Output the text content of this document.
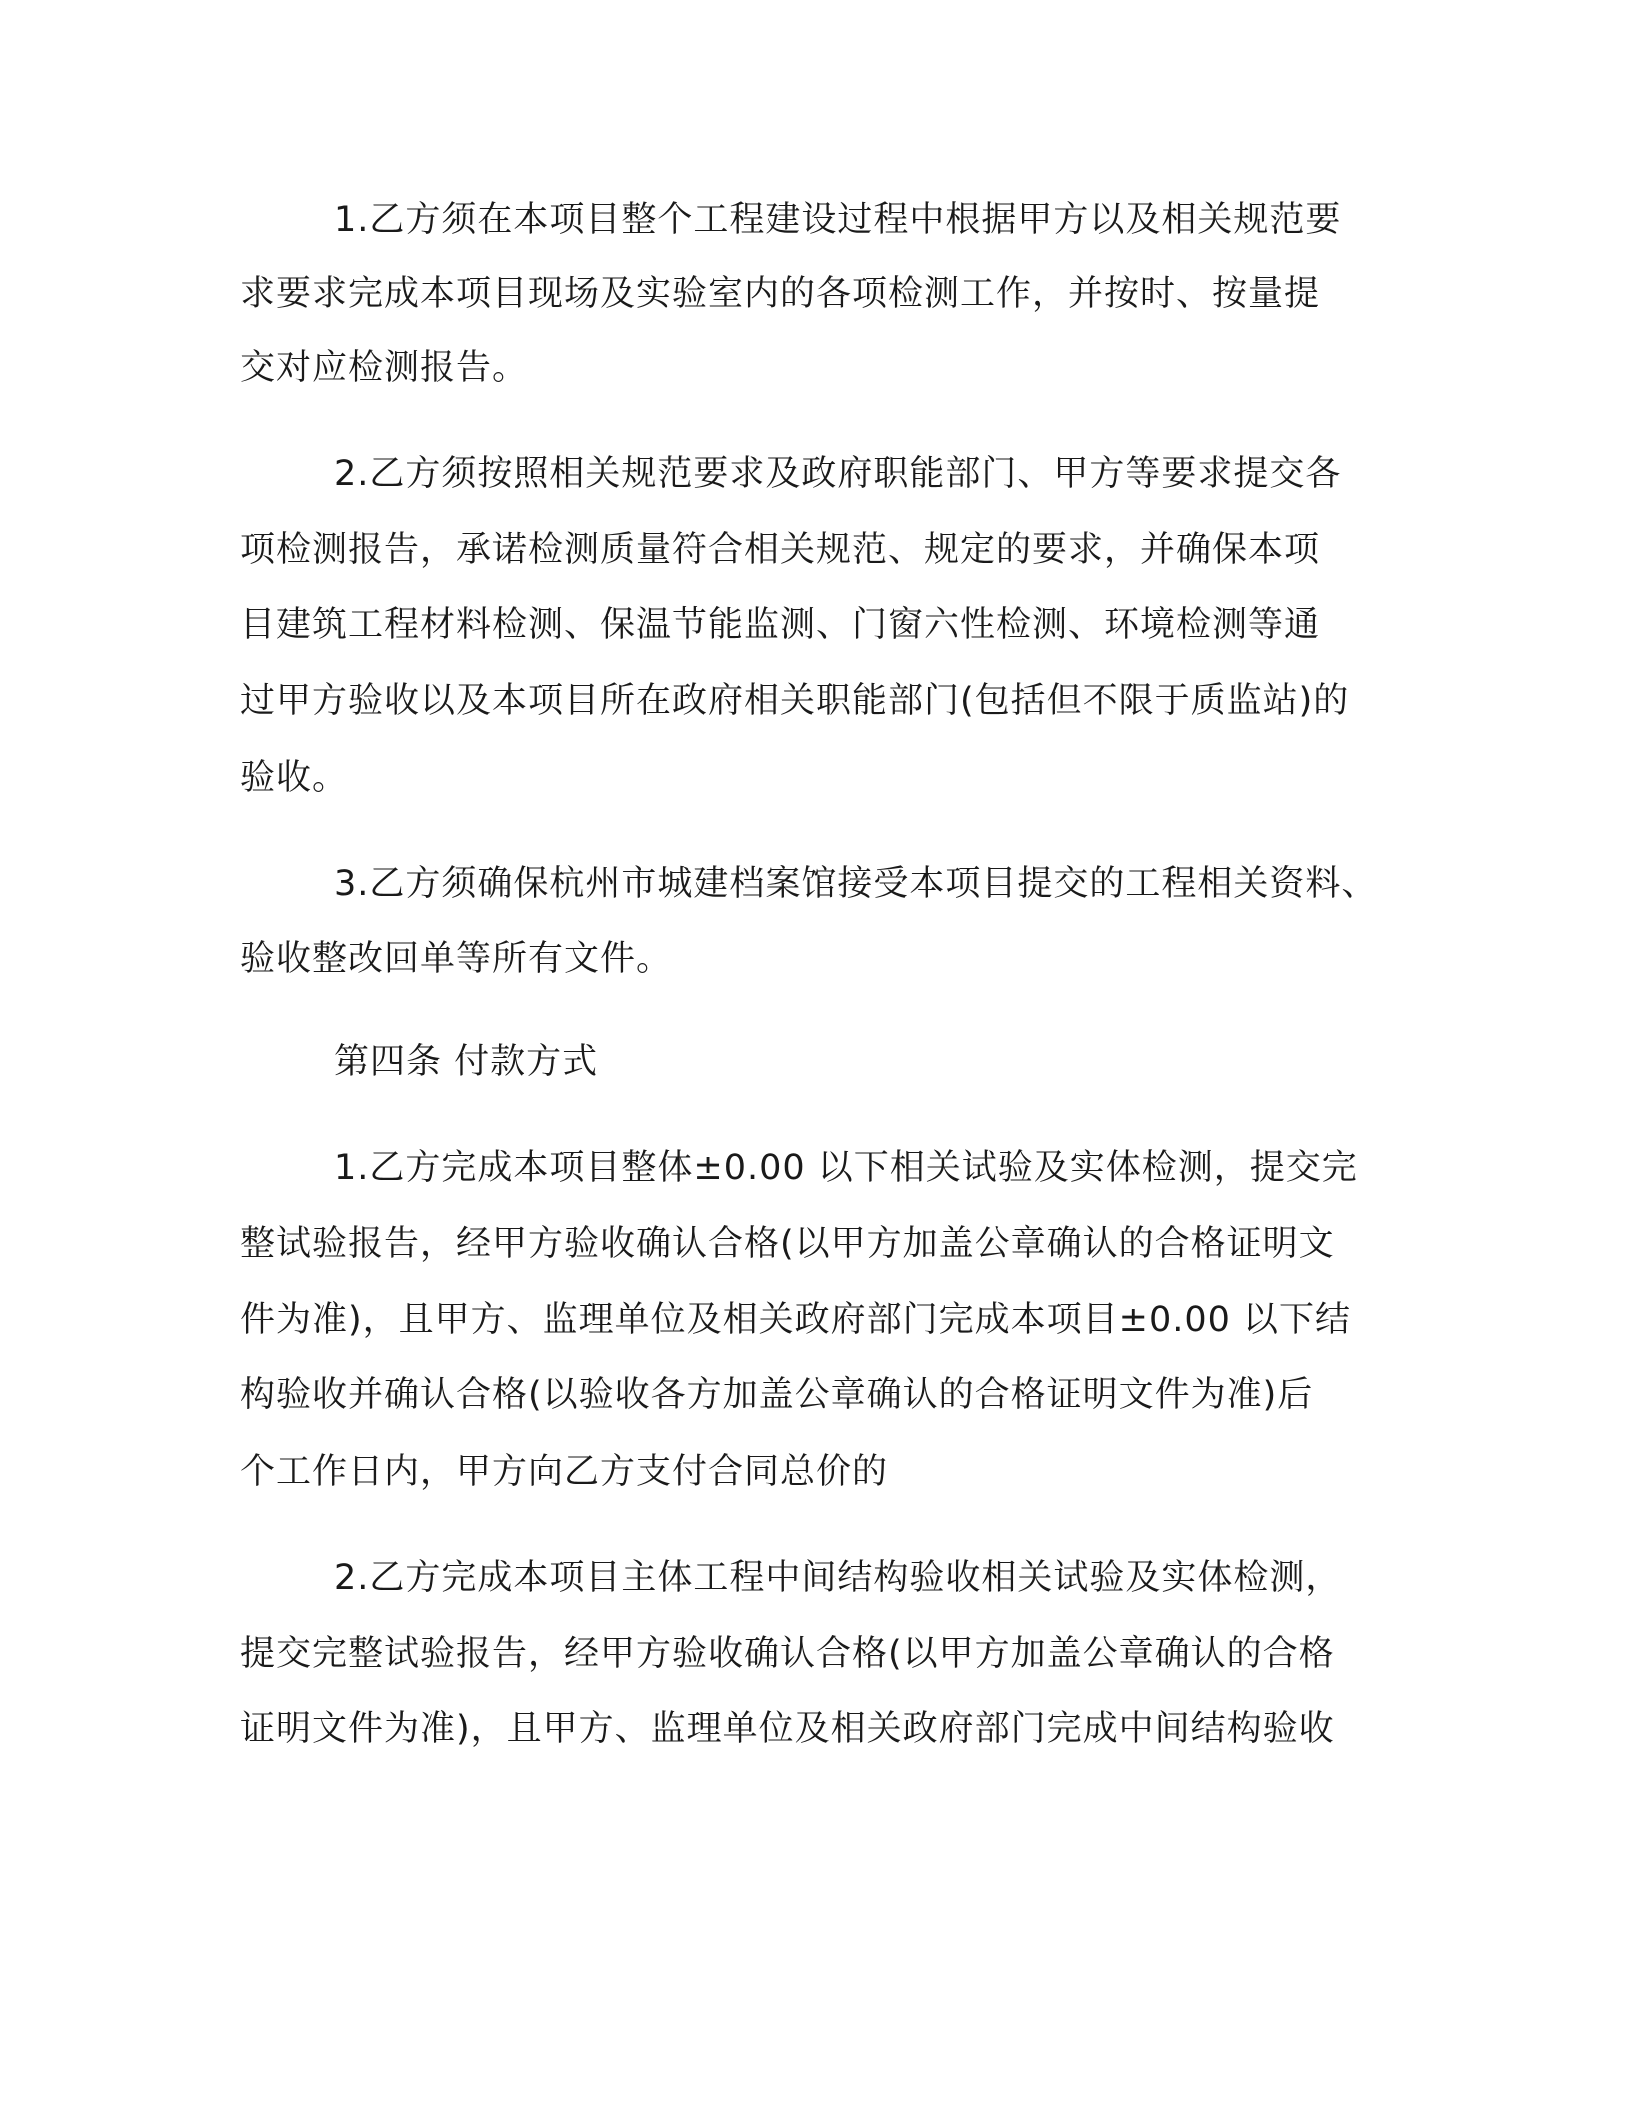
1.乙方须在本项目整个工程建设过程中根据甲方以及相关规范要
求要求完成本项目现场及实验室内的各项检测工作，并按时、按量提
交对应检测报告。
2.乙方须按照相关规范要求及政府职能部门、甲方等要求提交各
项检测报告，承诺检测质量符合相关规范、规定的要求，并确保本项
目建筑工程材料检测、保温节能监测、门窗六性检测、环境检测等通
过甲方验收以及本项目所在政府相关职能部门(包括但不限于质监站)的
验收。
3.乙方须确保杭州市城建档案馆接受本项目提交的工程相关资料、
验收整改回单等所有文件。
第四条 付款方式
1.乙方完成本项目整体±0.00 以下相关试验及实体检测，提交完
整试验报告，经甲方验收确认合格(以甲方加盖公章确认的合格证明文
件为准)，且甲方、监理单位及相关政府部门完成本项目±0.00 以下结
构验收并确认合格(以验收各方加盖公章确认的合格证明文件为准)后
个工作日内，甲方向乙方支付合同总价的
2.乙方完成本项目主体工程中间结构验收相关试验及实体检测，
提交完整试验报告，经甲方验收确认合格(以甲方加盖公章确认的合格
证明文件为准)，且甲方、监理单位及相关政府部门完成中间结构验收
